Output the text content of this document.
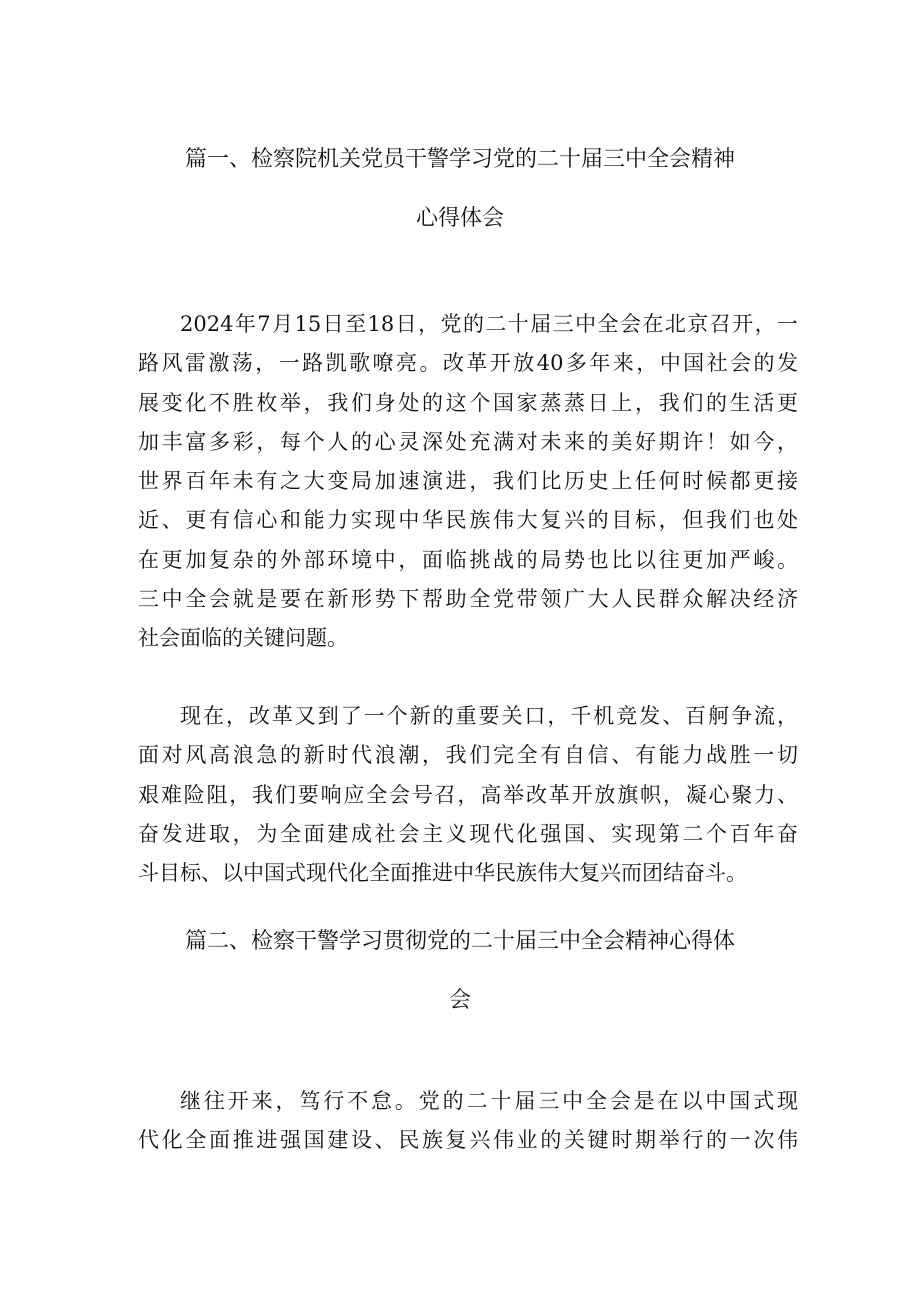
篇一、检察院机关党员干警学习党的二十届三中全会精神
心得体会
2024年7月15日至18日，党的二十届三中全会在北京召开，一
路风雷激荡，一路凯歌嘹亮。改革开放40多年来，中国社会的发
展变化不胜枚举，我们身处的这个国家蒸蒸日上，我们的生活更
加丰富多彩，每个人的心灵深处充满对未来的美好期许！如今，
世界百年未有之大变局加速演进，我们比历史上任何时候都更接
近、更有信心和能力实现中华民族伟大复兴的目标，但我们也处
在更加复杂的外部环境中，面临挑战的局势也比以往更加严峻。
三中全会就是要在新形势下帮助全党带领广大人民群众解决经济
社会面临的关键问题。
现在，改革又到了一个新的重要关口，千机竞发、百舸争流，
面对风高浪急的新时代浪潮，我们完全有自信、有能力战胜一切
艰难险阻，我们要响应全会号召，高举改革开放旗帜，凝心聚力、
奋发进取，为全面建成社会主义现代化强国、实现第二个百年奋
斗目标、以中国式现代化全面推进中华民族伟大复兴而团结奋斗。
篇二、检察干警学习贯彻党的二十届三中全会精神心得体
会
继往开来，笃行不怠。党的二十届三中全会是在以中国式现
代化全面推进强国建设、民族复兴伟业的关键时期举行的一次伟
